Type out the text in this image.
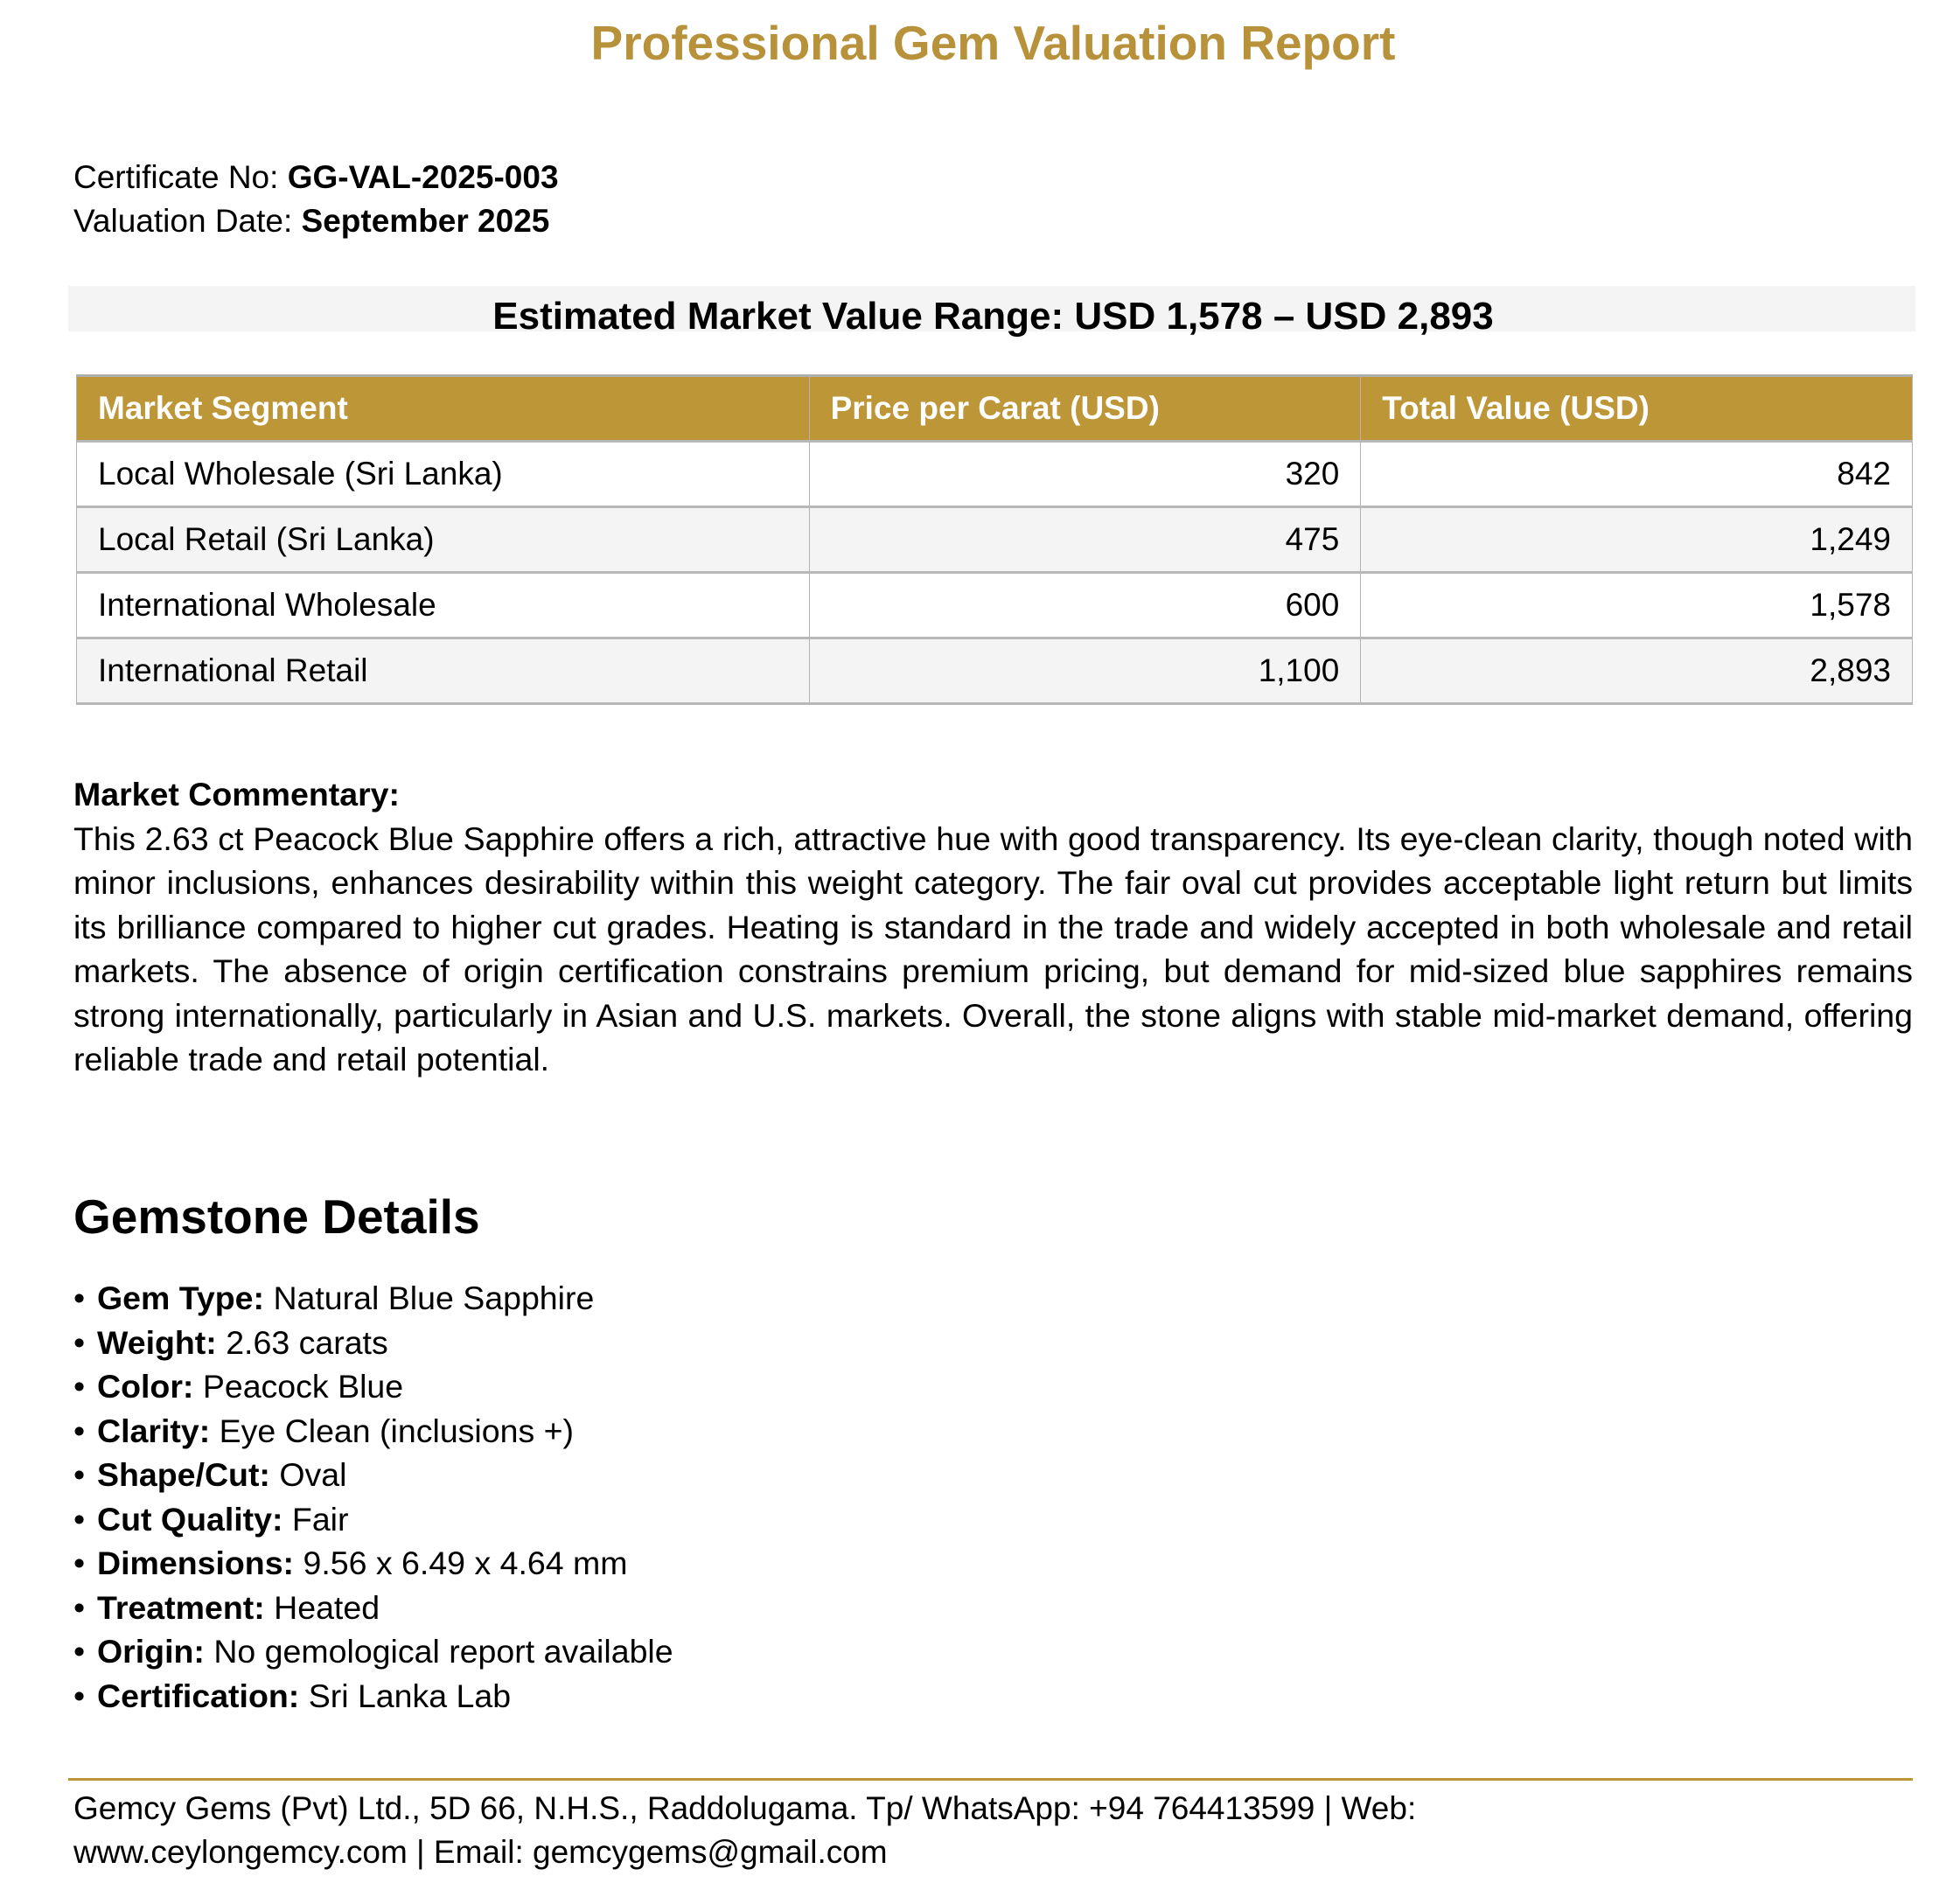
Professional Gem Valuation Report
Certificate No: GG-VAL-2025-003
Valuation Date: September 2025
Estimated Market Value Range: USD 1,578 – USD 2,893
Market Segment	Price per Carat (USD)	Total Value (USD)
Local Wholesale (Sri Lanka)	320	842
Local Retail (Sri Lanka)	475	1,249
International Wholesale	600	1,578
International Retail	1,100	2,893
Market Commentary:
This 2.63 ct Peacock Blue Sapphire offers a rich, attractive hue with good transparency. Its eye-clean clarity, though noted with minor inclusions, enhances desirability within this weight category. The fair oval cut provides acceptable light return but limits its brilliance compared to higher cut grades. Heating is standard in the trade and widely accepted in both wholesale and retail markets. The absence of origin certification constrains premium pricing, but demand for mid-sized blue sapphires remains strong internationally, particularly in Asian and U.S. markets. Overall, the stone aligns with stable mid-market demand, offering reliable trade and retail potential.
Gemstone Details
• Gem Type: Natural Blue Sapphire
• Weight: 2.63 carats
• Color: Peacock Blue
• Clarity: Eye Clean (inclusions +)
• Shape/Cut: Oval
• Cut Quality: Fair
• Dimensions: 9.56 x 6.49 x 4.64 mm
• Treatment: Heated
• Origin: No gemological report available
• Certification: Sri Lanka Lab
Gemcy Gems (Pvt) Ltd., 5D 66, N.H.S., Raddolugama. Tp/ WhatsApp: +94 764413599 | Web:
www.ceylongemcy.com | Email: gemcygems@gmail.com
